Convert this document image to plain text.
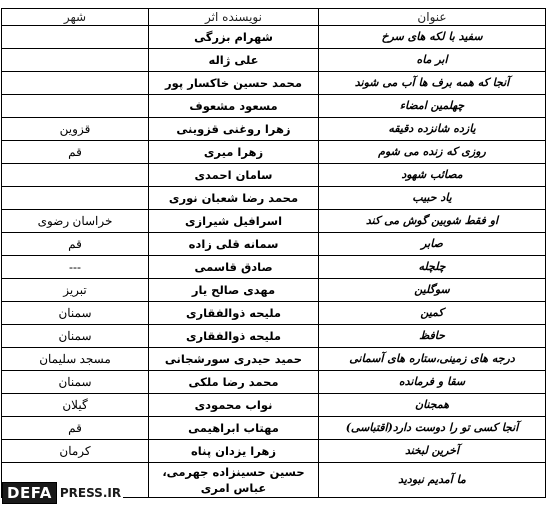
عنوان	نویسنده اثر	شهر
سفید با لکه های سرخ	شهرام بزرگی	
ابر ماه	علی ژاله	
آنجا که همه برف ها آب می شوند	محمد حسین خاکسار پور	
چهلمین امضاء	مسعود مشعوف	
یازده شانزده دقیقه	زهرا روغنی قزوینی	قزوین
روزی که زنده می شوم	زهرا میری	قم
مصائب شهود	سامان احمدی	
یاد حبیب	محمد رضا شعبان نوری	
او فقط شوبین گوش می کند	اسرافیل شیرازی	خراسان رضوی
صابر	سمانه قلی زاده	قم
چلچله	صادق قاسمی	---
سوگلین	مهدی صالح یار	تبریز
کمین	ملیحه ذوالفقاری	سمنان
حافظ	ملیحه ذوالفقاری	سمنان
درجه های زمینی،ستاره های آسمانی	حمید حیدری سورشجانی	مسجد سلیمان
سقا و فرمانده	محمد رضا ملکی	سمنان
همجنان	نواب محمودی	گیلان
آنجا کسی تو را دوست دارد(اقتباسی)	مهتاب ابراهیمی	قم
آخرین لبخند	زهرا یزدان پناه	کرمان
ما آمدیم نبودید	حسین حسینزاده جهرمی،
عباس امری	

DEFA PRESS.IR
